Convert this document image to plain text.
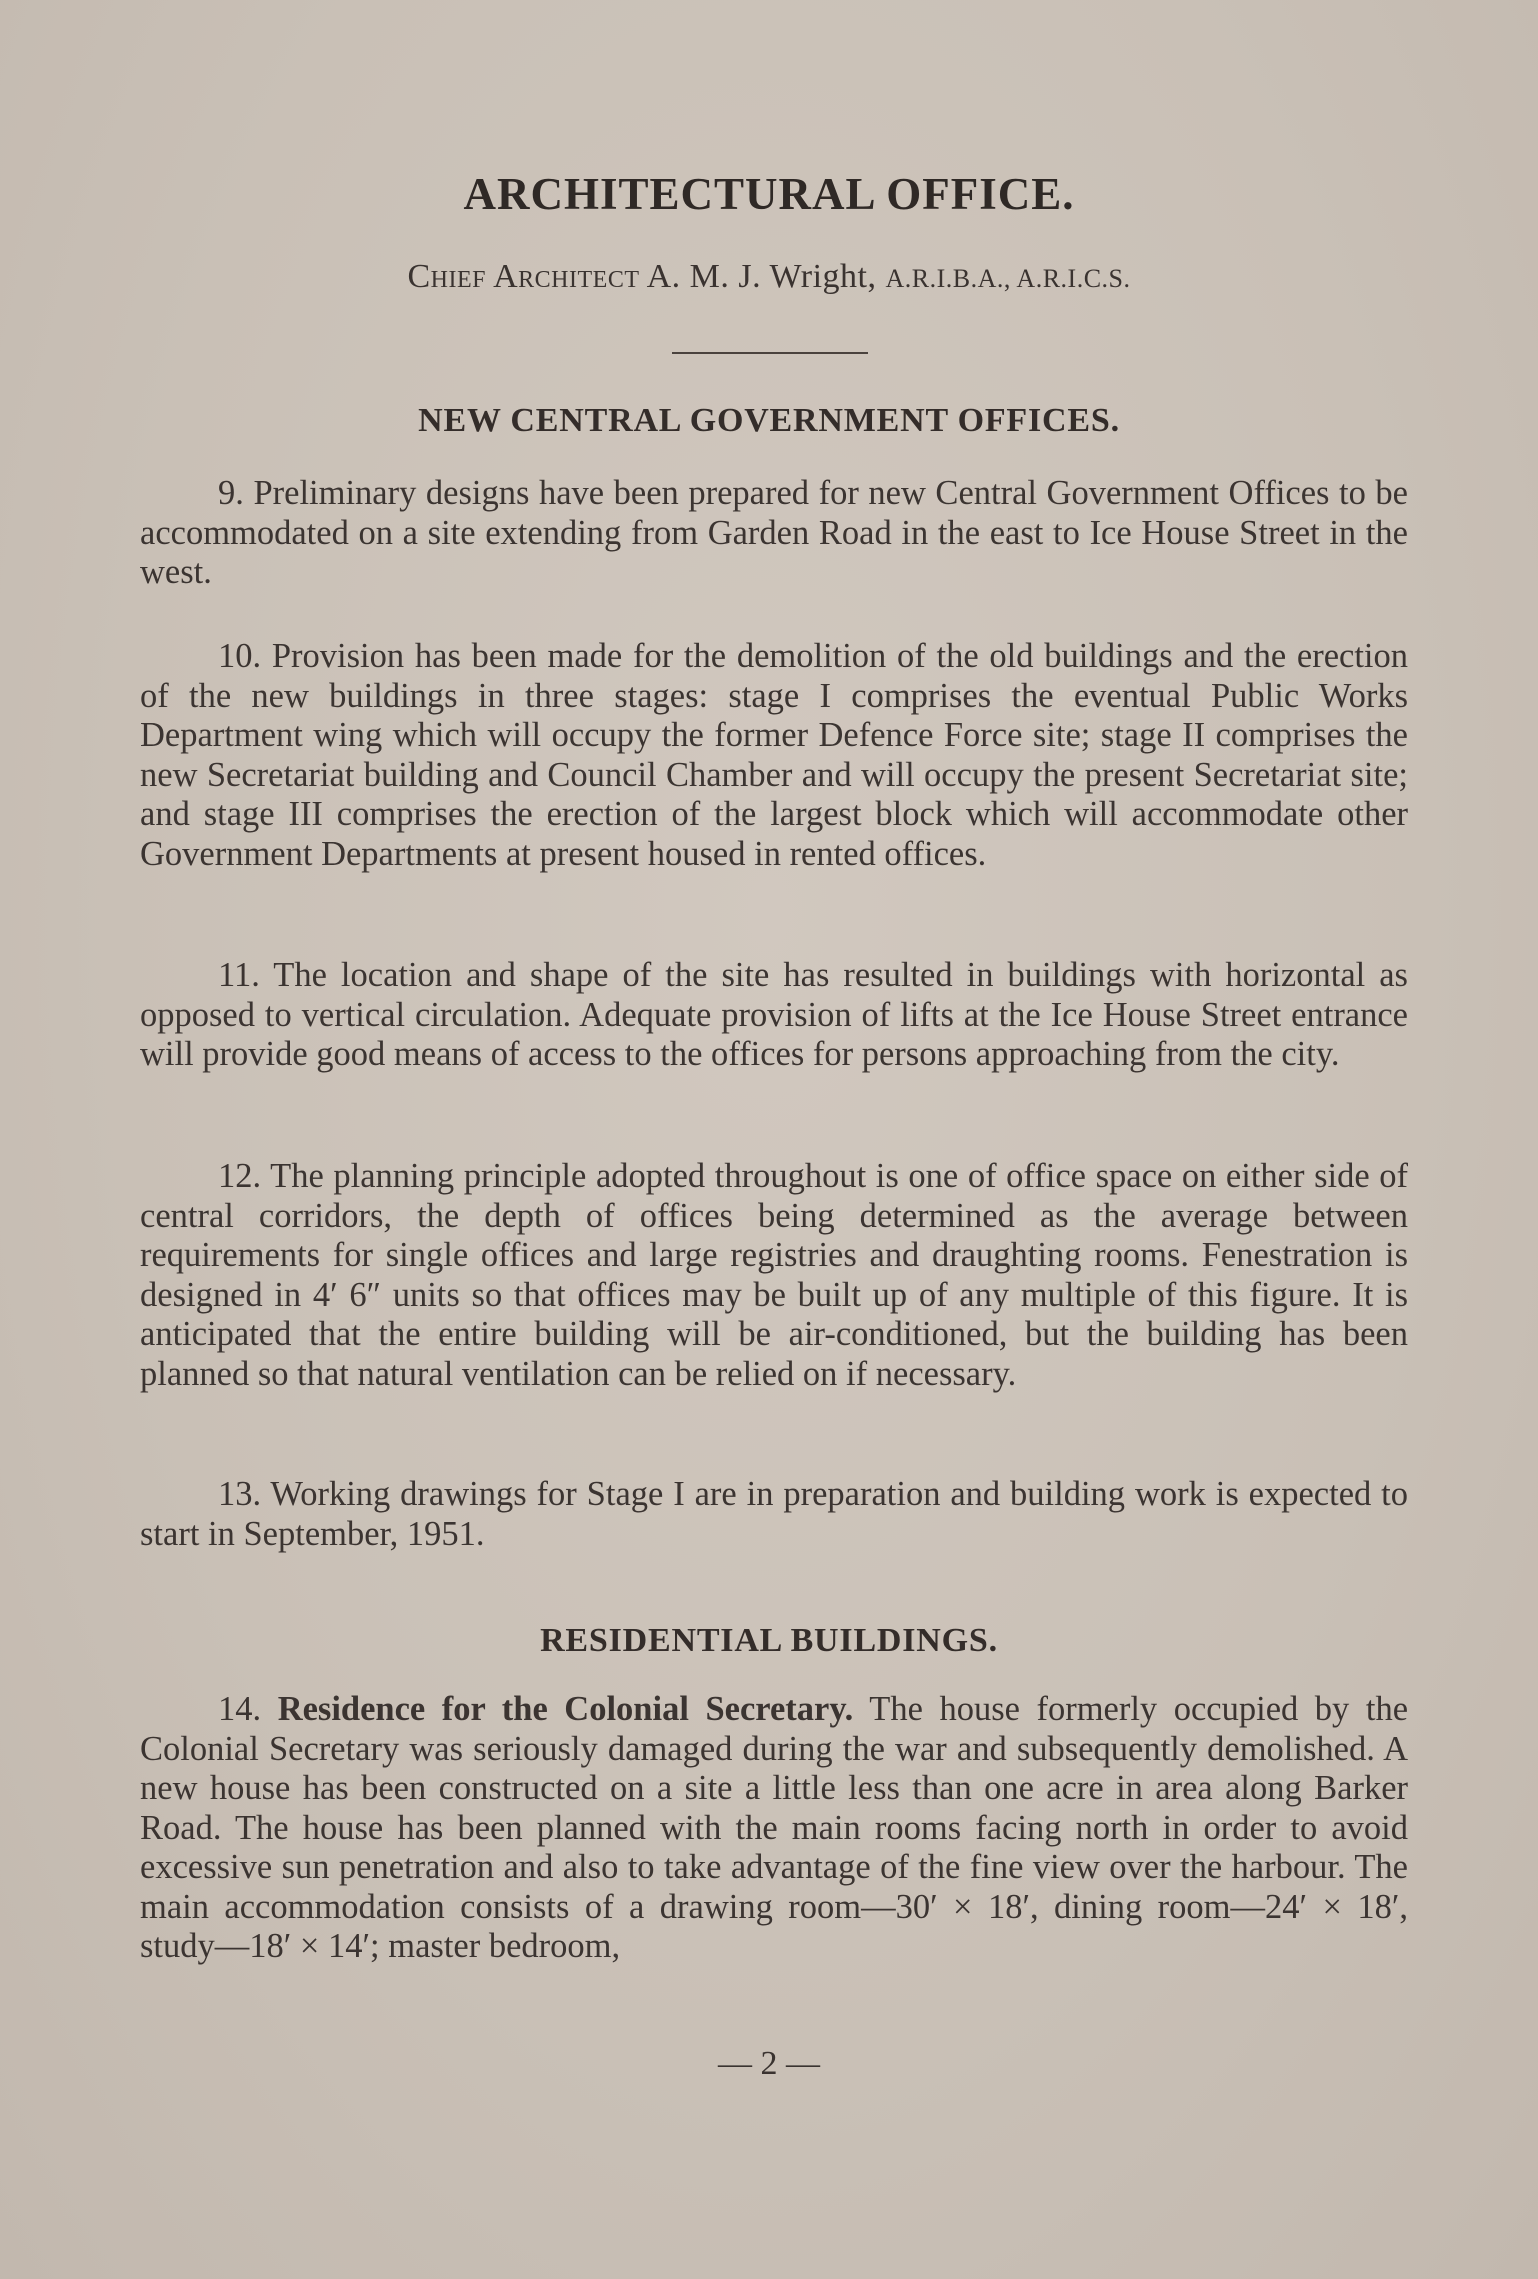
ARCHITECTURAL OFFICE.
Chief Architect A. M. J. Wright, A.R.I.B.A., A.R.I.C.S.
NEW CENTRAL GOVERNMENT OFFICES.

9. Preliminary designs have been prepared for new Central Government Offices to be accommodated on a site extending from Garden Road in the east to Ice House Street in the west.

10. Provision has been made for the demolition of the old buildings and the erection of the new buildings in three stages: stage I comprises the eventual Public Works Department wing which will occupy the former Defence Force site; stage II comprises the new Secretariat building and Council Chamber and will occupy the present Secretariat site; and stage III comprises the erection of the largest block which will accommodate other Government Departments at present housed in rented offices.

11. The location and shape of the site has resulted in buildings with horizontal as opposed to vertical circulation. Adequate provision of lifts at the Ice House Street entrance will provide good means of access to the offices for persons approaching from the city.

12. The planning principle adopted throughout is one of office space on either side of central corridors, the depth of offices being determined as the average between requirements for single offices and large registries and draughting rooms. Fenestration is designed in 4′ 6″ units so that offices may be built up of any multiple of this figure. It is anticipated that the entire building will be air-conditioned, but the building has been planned so that natural ventilation can be relied on if necessary.

13. Working drawings for Stage I are in preparation and building work is expected to start in September, 1951.

RESIDENTIAL BUILDINGS.

14. Residence for the Colonial Secretary. The house formerly occupied by the Colonial Secretary was seriously damaged during the war and subsequently demolished. A new house has been constructed on a site a little less than one acre in area along Barker Road. The house has been planned with the main rooms facing north in order to avoid excessive sun penetration and also to take advantage of the fine view over the harbour. The main accommodation consists of a drawing room—30′ × 18′, dining room—24′ × 18′, study—18′ × 14′; master bedroom,

— 2 —
